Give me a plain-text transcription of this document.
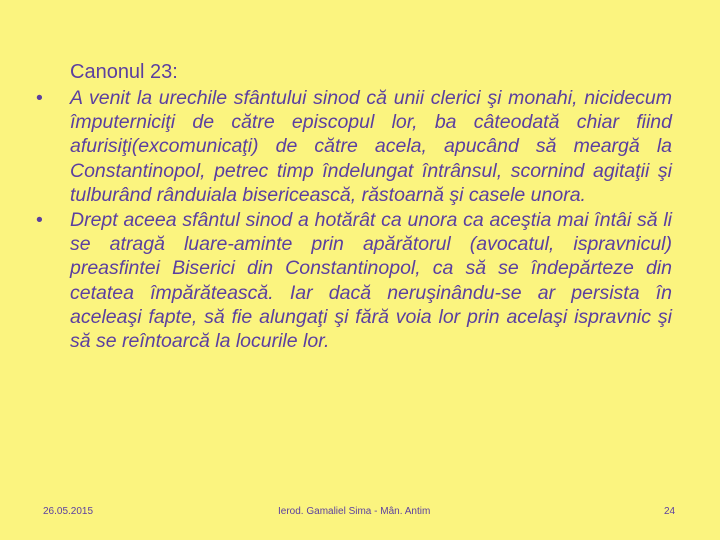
Canonul 23:
• A venit la urechile sfântului sinod că unii clerici şi monahi, nicidecum împuterniciţi de către episcopul lor, ba câteodată chiar fiind afurisiţi(excomunicaţi) de către acela, apucând să meargă la Constantinopol, petrec timp îndelungat întrânsul, scornind agitaţii şi tulburând rânduiala bisericească, răstoarnă şi casele unora.
• Drept aceea sfântul sinod a hotărât ca unora ca aceştia mai întâi să li se atragă luare-aminte prin apărătorul (avocatul, ispravnicul) preasfintei Biserici din Constantinopol, ca să se îndepărteze din cetatea împărătească. Iar dacă neruşinându-se ar persista în aceleaşi fapte, să fie alungaţi şi fără voia lor prin acelaşi ispravnic şi să se reîntoarcă la locurile lor.
26.05.2015	Ierod. Gamaliel Sima - Mân. Antim	24
